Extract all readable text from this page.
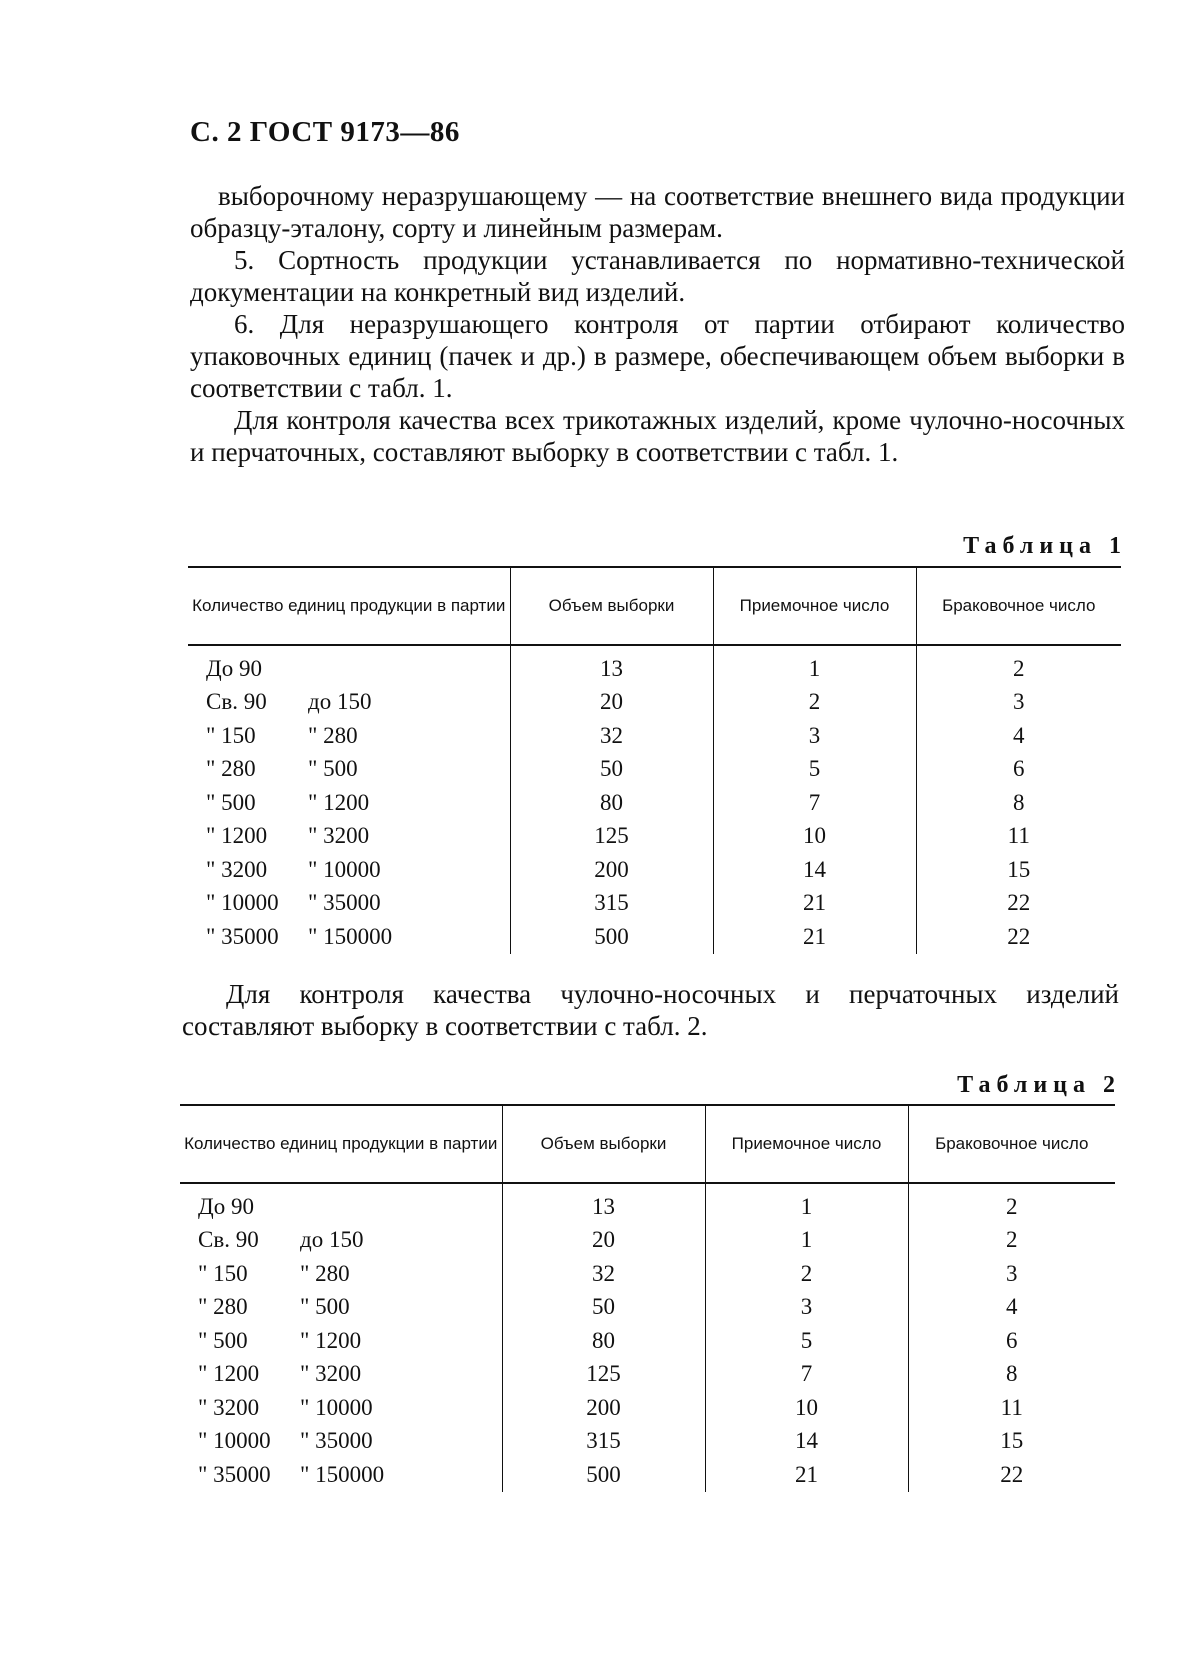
С. 2 ГОСТ 9173—86

выборочному неразрушающему — на соответствие внешнего вида продукции образцу-эталону, сорту и линейным размерам.

5. Сортность продукции устанавливается по нормативно-технической документации на конкретный вид изделий.

6. Для неразрушающего контроля от партии отбирают количество упаковочных единиц (пачек и др.) в размере, обеспечивающем объем выборки в соответствии с табл. 1.

Для контроля качества всех трикотажных изделий, кроме чулочно-носочных и перчаточных, составляют выборку в соответствии с табл. 1.

Таблица 1
Количество единиц продукции в партии	Объем выборки	Приемочное число	Браковочное число
До 90	13	1	2
Св. 90 до 150	20	2	3
" 150 " 280	32	3	4
" 280 " 500	50	5	6
" 500 " 1200	80	7	8
" 1200 " 3200	125	10	11
" 3200 " 10000	200	14	15
" 10000 " 35000	315	21	22
" 35000 " 150000	500	21	22

Для контроля качества чулочно-носочных и перчаточных изделий составляют выборку в соответствии с табл. 2.

Таблица 2
Количество единиц продукции в партии	Объем выборки	Приемочное число	Браковочное число
До 90	13	1	2
Св. 90 до 150	20	1	2
" 150 " 280	32	2	3
" 280 " 500	50	3	4
" 500 " 1200	80	5	6
" 1200 " 3200	125	7	8
" 3200 " 10000	200	10	11
" 10000 " 35000	315	14	15
" 35000 " 150000	500	21	22
